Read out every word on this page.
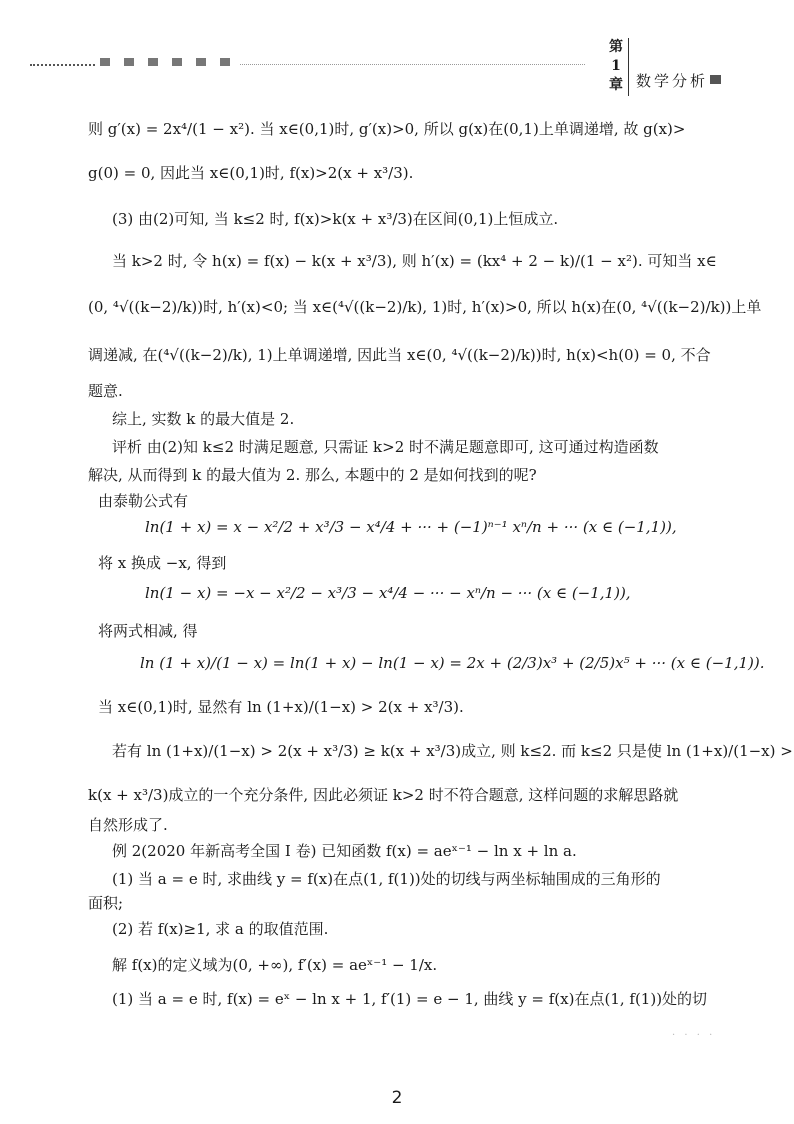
第
1
章 数学分析
则 g′(x) = 2x⁴/(1 − x²). 当 x∈(0,1)时, g′(x)>0, 所以 g(x)在(0,1)上单调递增, 故 g(x)>
g(0) = 0, 因此当 x∈(0,1)时, f(x)>2(x + x³/3).
(3) 由(2)可知, 当 k≤2 时, f(x)>k(x + x³/3)在区间(0,1)上恒成立.
当 k>2 时, 令 h(x) = f(x) − k(x + x³/3), 则 h′(x) = (kx⁴ + 2 − k)/(1 − x²). 可知当 x∈
(0, ⁴√((k−2)/k))时, h′(x)<0; 当 x∈(⁴√((k−2)/k), 1)时, h′(x)>0, 所以 h(x)在(0, ⁴√((k−2)/k))上单
调递减, 在(⁴√((k−2)/k), 1)上单调递增, 因此当 x∈(0, ⁴√((k−2)/k))时, h(x)<h(0) = 0, 不合
题意.
综上, 实数 k 的最大值是 2.
评析 由(2)知 k≤2 时满足题意, 只需证 k>2 时不满足题意即可, 这可通过构造函数
解决, 从而得到 k 的最大值为 2. 那么, 本题中的 2 是如何找到的呢?
由泰勒公式有
ln(1 + x) = x − x²/2 + x³/3 − x⁴/4 + ··· + (−1)ⁿ⁻¹ xⁿ/n + ··· (x ∈ (−1,1)),
将 x 换成 −x, 得到
ln(1 − x) = −x − x²/2 − x³/3 − x⁴/4 − ··· − xⁿ/n − ··· (x ∈ (−1,1)),
将两式相减, 得
ln (1 + x)/(1 − x) = ln(1 + x) − ln(1 − x) = 2x + (2/3)x³ + (2/5)x⁵ + ··· (x ∈ (−1,1)).
当 x∈(0,1)时, 显然有 ln (1+x)/(1−x) > 2(x + x³/3).
若有 ln (1+x)/(1−x) > 2(x + x³/3) ≥ k(x + x³/3)成立, 则 k≤2. 而 k≤2 只是使 ln (1+x)/(1−x) >
k(x + x³/3)成立的一个充分条件, 因此必须证 k>2 时不符合题意, 这样问题的求解思路就
自然形成了.
例 2(2020 年新高考全国 Ⅰ 卷) 已知函数 f(x) = aeˣ⁻¹ − ln x + ln a.
(1) 当 a = e 时, 求曲线 y = f(x)在点(1, f(1))处的切线与两坐标轴围成的三角形的
面积;
(2) 若 f(x)≥1, 求 a 的取值范围.
解 f(x)的定义域为(0, +∞), f′(x) = aeˣ⁻¹ − 1/x.
(1) 当 a = e 时, f(x) = eˣ − ln x + 1, f′(1) = e − 1, 曲线 y = f(x)在点(1, f(1))处的切
· · · ·
2
